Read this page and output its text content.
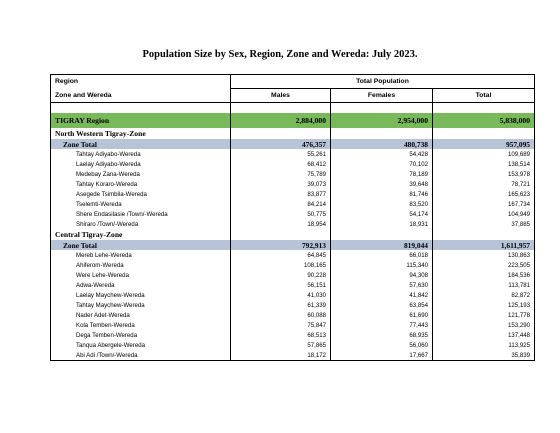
Population Size by Sex, Region, Zone and Wereda: July 2023.
Region	Total Population		
Zone and Wereda	Males	Females	Total

TIGRAY Region	2,884,000	2,954,000	5,838,000
North Western Tigray-Zone			
Zone Total	476,357	480,738	957,095
Tahtay Adiyabo-Wereda	55,261	54,428	109,689
Laelay Adiyabo-Wereda	68,412	70,102	138,514
Medebay Zana-Wereda	75,789	78,189	153,978
Tahtay Koraro-Wereda	39,073	39,648	78,721
Asegede Tsimbila-Wereda	83,877	81,746	165,623
Tselemti-Wereda	84,214	83,520	167,734
Shere Endasilasie /Town/-Wereda	50,775	54,174	104,949
Shiraro /Town/-Wereda	18,954	18,931	37,885
Central Tigray-Zone			
Zone Total	792,913	819,044	1,611,957
Mereb Lehe-Wereda	64,845	66,018	130,863
Ahiferom-Wereda	108,165	115,340	223,505
Were Lehe-Wereda	90,228	94,308	184,536
Adwa-Wereda	56,151	57,630	113,781
Laelay Maychew-Wereda	41,030	41,842	82,872
Tahtay Maychew-Wereda	61,339	63,854	125,193
Nader Adet-Wereda	60,088	61,690	121,778
Kola Temben-Wereda	75,847	77,443	153,290
Dega Temben-Wereda	68,513	68,935	137,448
Tanqua Abergele-Wereda	57,865	56,060	113,925
Abi Adi /Town/-Wereda	18,172	17,667	35,839
